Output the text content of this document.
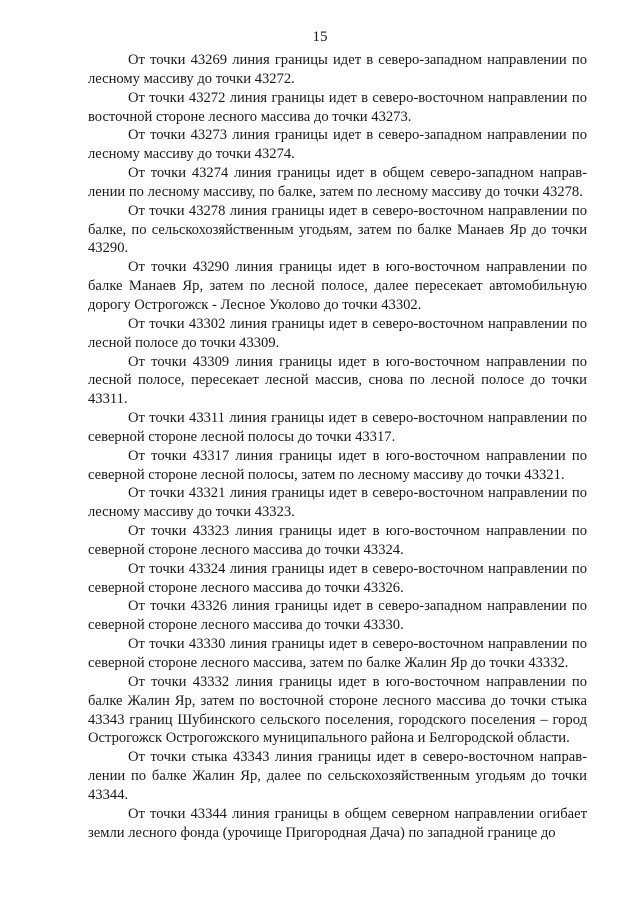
15

От точки 43269 линия границы идет в северо-западном направлении по лесному массиву до точки 43272.

От точки 43272 линия границы идет в северо-восточном направлении по восточной стороне лесного массива до точки 43273.

От точки 43273 линия границы идет в северо-западном направлении по лесному массиву до точки 43274.

От точки 43274 линия границы идет в общем северо-западном направлении по лесному массиву, по балке, затем по лесному массиву до точки 43278.

От точки 43278 линия границы идет в северо-восточном направлении по балке, по сельскохозяйственным угодьям, затем по балке Манаев Яр до точки 43290.

От точки 43290 линия границы идет в юго-восточном направлении по балке Манаев Яр, затем по лесной полосе, далее пересекает автомобильную дорогу Острогожск - Лесное Уколово до точки 43302.

От точки 43302 линия границы идет в северо-восточном направлении по лесной полосе до точки 43309.

От точки 43309 линия границы идет в юго-восточном направлении по лесной полосе, пересекает лесной массив, снова по лесной полосе до точки 43311.

От точки 43311 линия границы идет в северо-восточном направлении по северной стороне лесной полосы до точки 43317.

От точки 43317 линия границы идет в юго-восточном направлении по северной стороне лесной полосы, затем по лесному массиву до точки 43321.

От точки 43321 линия границы идет в северо-восточном направлении по лесному массиву до точки 43323.

От точки 43323 линия границы идет в юго-восточном направлении по северной стороне лесного массива до точки 43324.

От точки 43324 линия границы идет в северо-восточном направлении по северной стороне лесного массива до точки 43326.

От точки 43326 линия границы идет в северо-западном направлении по северной стороне лесного массива до точки 43330.

От точки 43330 линия границы идет в северо-восточном направлении по северной стороне лесного массива, затем по балке Жалин Яр до точки 43332.

От точки 43332 линия границы идет в юго-восточном направлении по балке Жалин Яр, затем по восточной стороне лесного массива до точки стыка 43343 границ Шубинского сельского поселения, городского поселения – город Острогожск Острогожского муниципального района и Белгородской области.

От точки стыка 43343 линия границы идет в северо-восточном направлении по балке Жалин Яр, далее по сельскохозяйственным угодьям до точки 43344.

От точки 43344 линия границы в общем северном направлении огибает земли лесного фонда (урочище Пригородная Дача) по западной границе до
